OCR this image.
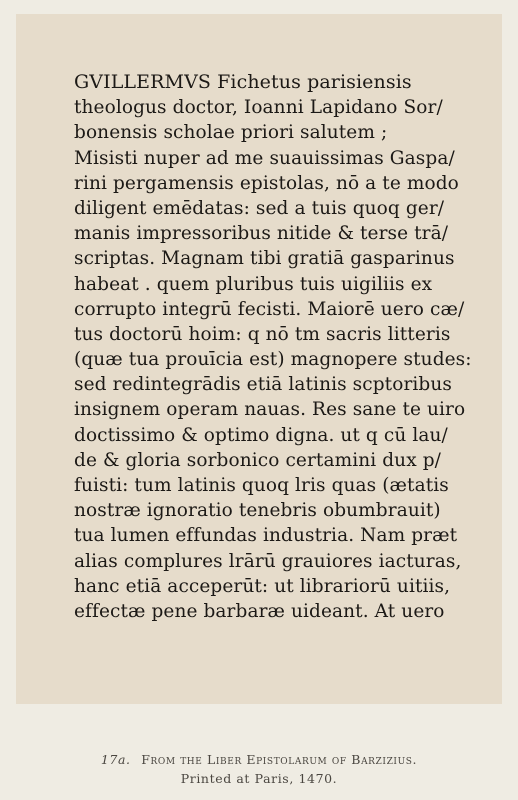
GVILLERMVS Fichetus parisiensis
theologus doctor, Ioanni Lapidano Sor/
bonensis scholae priori salutem ;
Misisti nuper ad me suauissimas Gaspa/
rini pergamensis epistolas, nō a te modo
diligent emēdatas: sed a tuis quoq ger/
manis impressoribus nitide & terse trā/
scriptas. Magnam tibi gratiā gasparinus
habeat . quem pluribus tuis uigiliis ex
corrupto integrū fecisti. Maiorē uero cæ/
tus doctorū hoim: q nō tm sacris litteris
(quæ tua prouīcia est) magnopere studes:
sed redintegrādis etiā latinis scptoribus
insignem operam nauas. Res sane te uiro
doctissimo & optimo digna. ut q cū lau/
de & gloria sorbonico certamini dux p/
fuisti: tum latinis quoq lris quas (ætatis
nostræ ignoratio tenebris obumbrauit)
tua lumen effundas industria. Nam præt
alias complures lrārū grauiores iacturas,
hanc etiā acceperūt: ut librariorū uitiis,
effectæ pene barbaræ uideant. At uero
17a. From the Liber Epistolarum of Barzizius.
Printed at Paris, 1470.
